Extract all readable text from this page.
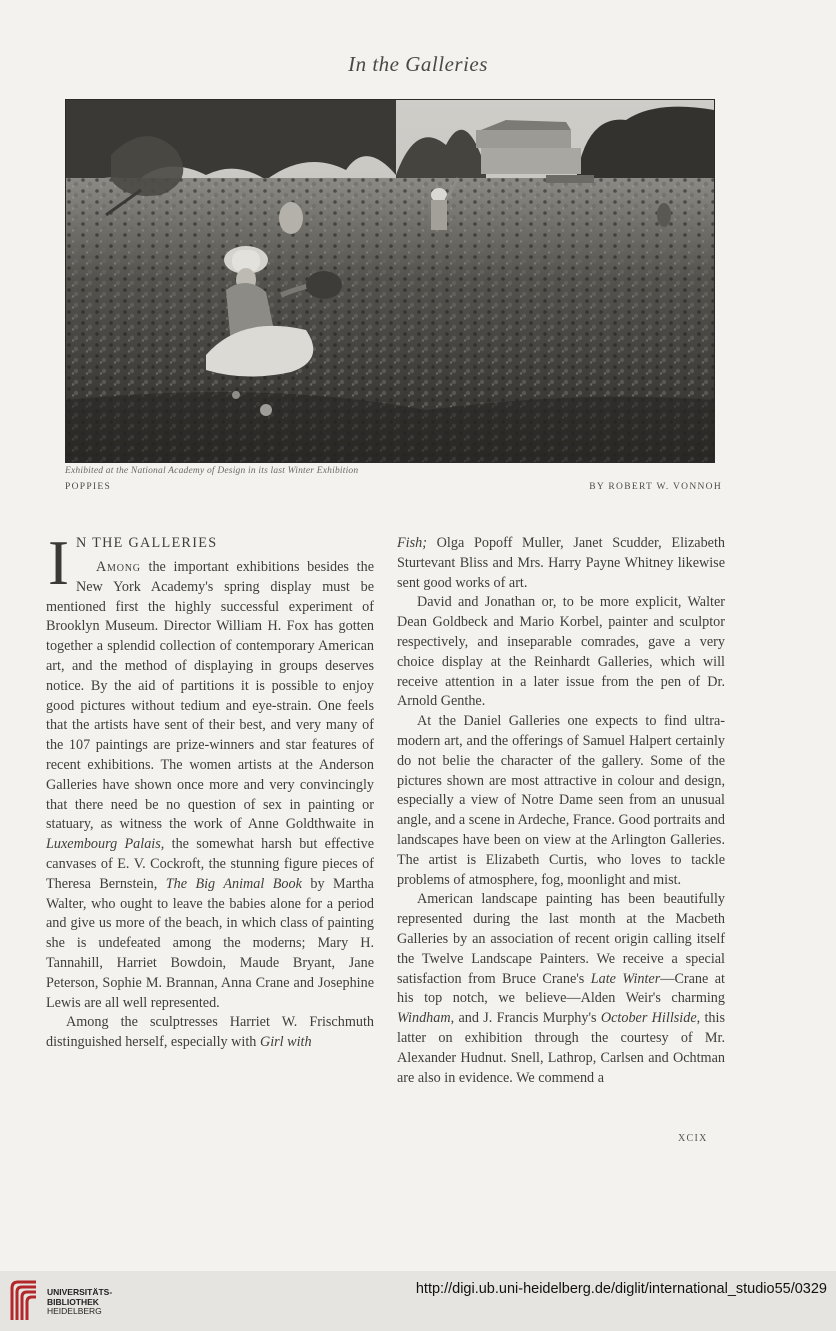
In the Galleries
Exhibited at the National Academy of Design in its last Winter Exhibition
POPPIES	BY ROBERT W. VONNOH
I N THE GALLERIES

Among the important exhibitions besides the New York Academy's spring display must be mentioned first the highly successful experiment of Brooklyn Museum. Director William H. Fox has gotten together a splendid collection of contemporary American art, and the method of displaying in groups deserves notice. By the aid of partitions it is possible to enjoy good pictures without tedium and eye-strain. One feels that the artists have sent of their best, and very many of the 107 paintings are prize-winners and star features of recent exhibitions. The women artists at the Anderson Galleries have shown once more and very convincingly that there need be no question of sex in painting or statuary, as witness the work of Anne Goldthwaite in Luxembourg Palais, the somewhat harsh but effective canvases of E. V. Cockroft, the stunning figure pieces of Theresa Bernstein, The Big Animal Book by Martha Walter, who ought to leave the babies alone for a period and give us more of the beach, in which class of painting she is undefeated among the moderns; Mary H. Tannahill, Harriet Bowdoin, Maude Bryant, Jane Peterson, Sophie M. Brannan, Anna Crane and Josephine Lewis are all well represented.

Among the sculptresses Harriet W. Frischmuth distinguished herself, especially with Girl with

Fish; Olga Popoff Muller, Janet Scudder, Elizabeth Sturtevant Bliss and Mrs. Harry Payne Whitney likewise sent good works of art.

David and Jonathan or, to be more explicit, Walter Dean Goldbeck and Mario Korbel, painter and sculptor respectively, and inseparable comrades, gave a very choice display at the Reinhardt Galleries, which will receive attention in a later issue from the pen of Dr. Arnold Genthe.

At the Daniel Galleries one expects to find ultra-modern art, and the offerings of Samuel Halpert certainly do not belie the character of the gallery. Some of the pictures shown are most attractive in colour and design, especially a view of Notre Dame seen from an unusual angle, and a scene in Ardeche, France. Good portraits and landscapes have been on view at the Arlington Galleries. The artist is Elizabeth Curtis, who loves to tackle problems of atmosphere, fog, moonlight and mist.

American landscape painting has been beautifully represented during the last month at the Macbeth Galleries by an association of recent origin calling itself the Twelve Landscape Painters. We receive a special satisfaction from Bruce Crane's Late Winter—Crane at his top notch, we believe—Alden Weir's charming Windham, and J. Francis Murphy's October Hillside, this latter on exhibition through the courtesy of Mr. Alexander Hudnut. Snell, Lathrop, Carlsen and Ochtman are also in evidence. We commend a

XCIX
UNIVERSITÄTS-
BIBLIOTHEK
HEIDELBERG
http://digi.ub.uni-heidelberg.de/diglit/international_studio55/0329
